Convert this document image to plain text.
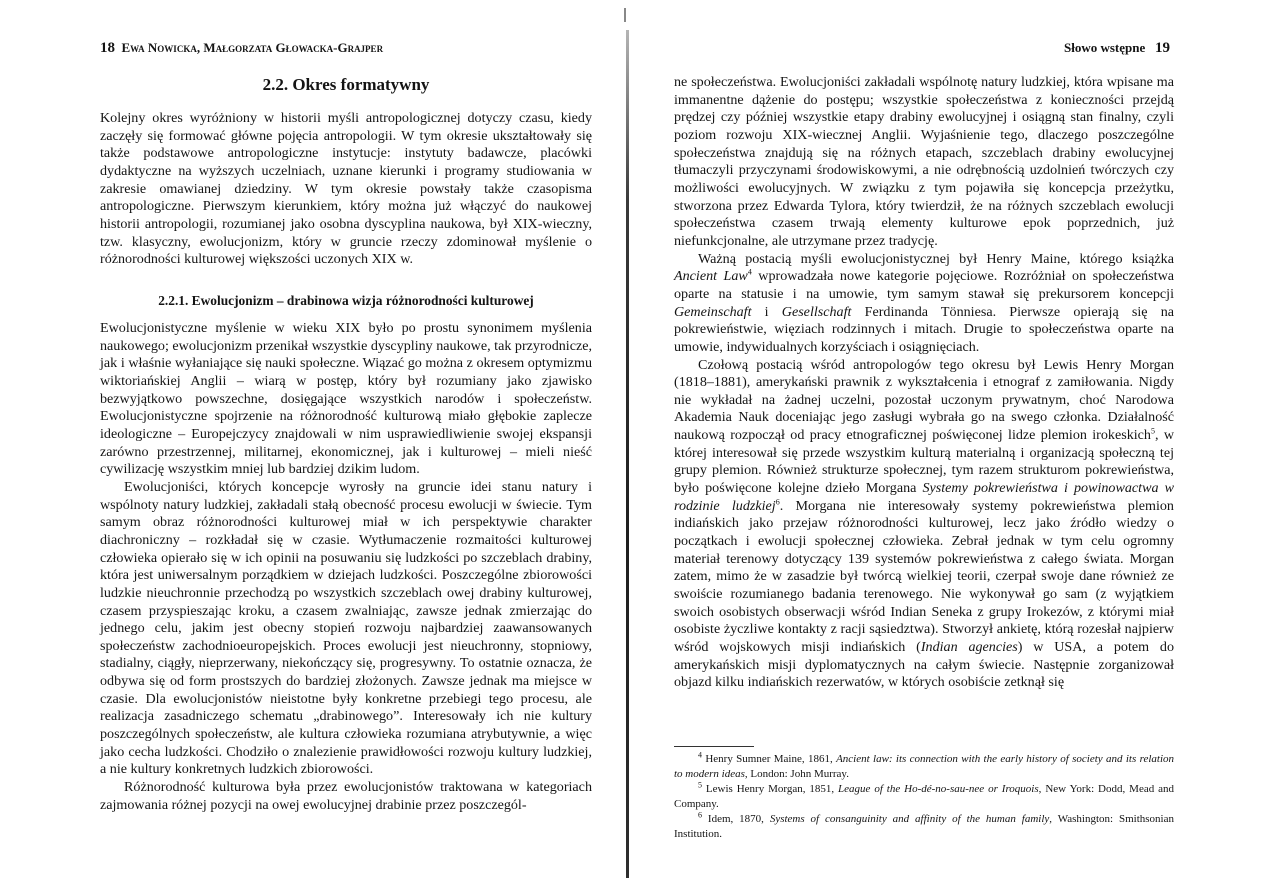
18 Ewa Nowicka, Małgorzata Głowacka-Grajper
2.2. Okres formatywny

Kolejny okres wyróżniony w historii myśli antropologicznej dotyczy czasu, kiedy zaczęły się formować główne pojęcia antropologii. W tym okresie ukształtowały się także podstawowe antropologiczne instytucje: instytuty badawcze, placówki dydaktyczne na wyższych uczelniach, uznane kierunki i programy studiowania w zakresie omawianej dziedziny. W tym okresie powstały także czasopisma antropologiczne. Pierwszym kierunkiem, który można już włączyć do naukowej historii antropologii, rozumianej jako osobna dyscyplina naukowa, był XIX-wieczny, tzw. klasyczny, ewolucjonizm, który w gruncie rzeczy zdominował myślenie o różnorodności kulturowej większości uczonych XIX w.

2.2.1. Ewolucjonizm – drabinowa wizja różnorodności kulturowej

Ewolucjonistyczne myślenie w wieku XIX było po prostu synonimem myślenia naukowego; ewolucjonizm przenikał wszystkie dyscypliny naukowe, tak przyrodnicze, jak i właśnie wyłaniające się nauki społeczne. Wiązać go można z okresem optymizmu wiktoriańskiej Anglii – wiarą w postęp, który był rozumiany jako zjawisko bezwyjątkowo powszechne, dosięgające wszystkich narodów i społeczeństw. Ewolucjonistyczne spojrzenie na różnorodność kulturową miało głębokie zaplecze ideologiczne – Europejczycy znajdowali w nim usprawiedliwienie swojej ekspansji zarówno przestrzennej, militarnej, ekonomicznej, jak i kulturowej – mieli nieść cywilizację wszystkim mniej lub bardziej dzikim ludom.

Ewolucjoniści, których koncepcje wyrosły na gruncie idei stanu natury i wspólnoty natury ludzkiej, zakładali stałą obecność procesu ewolucji w świecie. Tym samym obraz różnorodności kulturowej miał w ich perspektywie charakter diachroniczny – rozkładał się w czasie. Wytłumaczenie rozmaitości kulturowej człowieka opierało się w ich opinii na posuwaniu się ludzkości po szczeblach drabiny, która jest uniwersalnym porządkiem w dziejach ludzkości. Poszczególne zbiorowości ludzkie nieuchronnie przechodzą po wszystkich szczeblach owej drabiny kulturowej, czasem przyspieszając kroku, a czasem zwalniając, zawsze jednak zmierzając do jednego celu, jakim jest obecny stopień rozwoju najbardziej zaawansowanych społeczeństw zachodnioeuropejskich. Proces ewolucji jest nieuchronny, stopniowy, stadialny, ciągły, nieprzerwany, niekończący się, progresywny. To ostatnie oznacza, że odbywa się od form prostszych do bardziej złożonych. Zawsze jednak ma miejsce w czasie. Dla ewolucjonistów nieistotne były konkretne przebiegi tego procesu, ale realizacja zasadniczego schematu „drabinowego”. Interesowały ich nie kultury poszczególnych społeczeństw, ale kultura człowieka rozumiana atrybutywnie, a więc jako cecha ludzkości. Chodziło o znalezienie prawidłowości rozwoju kultury ludzkiej, a nie kultury konkretnych ludzkich zbiorowości.

Różnorodność kulturowa była przez ewolucjonistów traktowana w kategoriach zajmowania różnej pozycji na owej ewolucyjnej drabinie przez poszczegól-

Słowo wstępne 19

ne społeczeństwa. Ewolucjoniści zakładali wspólnotę natury ludzkiej, która wpisane ma immanentne dążenie do postępu; wszystkie społeczeństwa z konieczności przejdą prędzej czy później wszystkie etapy drabiny ewolucyjnej i osiągną stan finalny, czyli poziom rozwoju XIX-wiecznej Anglii. Wyjaśnienie tego, dlaczego poszczególne społeczeństwa znajdują się na różnych etapach, szczeblach drabiny ewolucyjnej tłumaczyli przyczynami środowiskowymi, a nie odrębnością uzdolnień twórczych czy możliwości ewolucyjnych. W związku z tym pojawiła się koncepcja przeżytku, stworzona przez Edwarda Tylora, który twierdził, że na różnych szczeblach ewolucji społeczeństwa czasem trwają elementy kulturowe epok poprzednich, już niefunkcjonalne, ale utrzymane przez tradycję.

Ważną postacią myśli ewolucjonistycznej był Henry Maine, którego książka Ancient Law$^4$ wprowadzała nowe kategorie pojęciowe. Rozróżniał on społeczeństwa oparte na statusie i na umowie, tym samym stawał się prekursorem koncepcji Gemeinschaft i Gesellschaft Ferdinanda Tönniesa. Pierwsze opierają się na pokrewieństwie, więziach rodzinnych i mitach. Drugie to społeczeństwa oparte na umowie, indywidualnych korzyściach i osiągnięciach.

Czołową postacią wśród antropologów tego okresu był Lewis Henry Morgan (1818–1881), amerykański prawnik z wykształcenia i etnograf z zamiłowania. Nigdy nie wykładał na żadnej uczelni, pozostał uczonym prywatnym, choć Narodowa Akademia Nauk doceniając jego zasługi wybrała go na swego członka. Działalność naukową rozpoczął od pracy etnograficznej poświęconej lidze plemion irokeskich$^5$, w której interesował się przede wszystkim kulturą materialną i organizacją społeczną tej grupy plemion. Również strukturze społecznej, tym razem strukturom pokrewieństwa, było poświęcone kolejne dzieło Morgana Systemy pokrewieństwa i powinowactwa w rodzinie ludzkiej$^6$. Morgana nie interesowały systemy pokrewieństwa plemion indiańskich jako przejaw różnorodności kulturowej, lecz jako źródło wiedzy o początkach i ewolucji społecznej człowieka. Zebrał jednak w tym celu ogromny materiał terenowy dotyczący 139 systemów pokrewieństwa z całego świata. Morgan zatem, mimo że w zasadzie był twórcą wielkiej teorii, czerpał swoje dane również ze swoiście rozumianego badania terenowego. Nie wykonywał go sam (z wyjątkiem swoich osobistych obserwacji wśród Indian Seneka z grupy Irokezów, z którymi miał osobiste życzliwe kontakty z racji sąsiedztwa). Stworzył ankietę, którą rozesłał najpierw wśród wojskowych misji indiańskich (Indian agencies) w USA, a potem do amerykańskich misji dyplomatycznych na całym świecie. Następnie zorganizował objazd kilku indiańskich rezerwatów, w których osobiście zetknął się

$^4$ Henry Sumner Maine, 1861, Ancient law: its connection with the early history of society and its relation to modern ideas, London: John Murray.

$^5$ Lewis Henry Morgan, 1851, League of the Ho-dé-no-sau-nee or Iroquois, New York: Dodd, Mead and Company.

$^6$ Idem, 1870, Systems of consanguinity and affinity of the human family, Washington: Smithsonian Institution.
